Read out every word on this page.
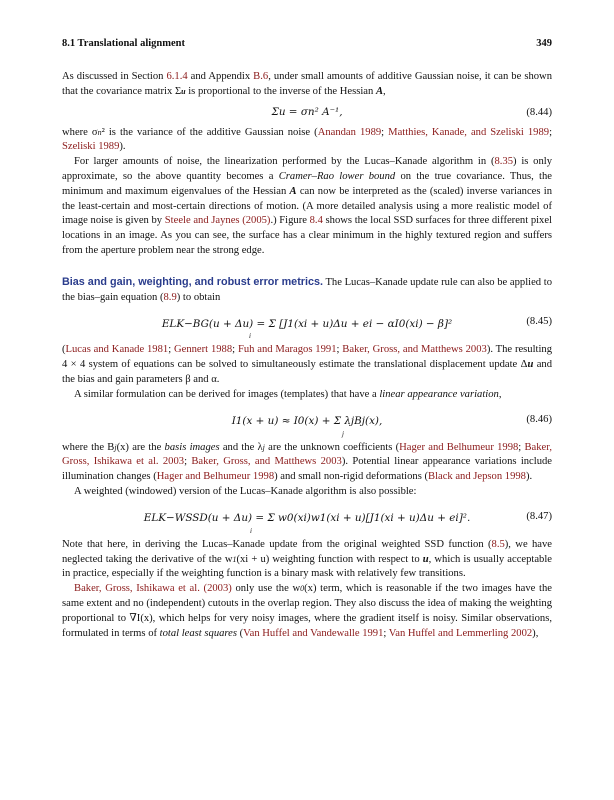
8.1 Translational alignment	349

As discussed in Section 6.1.4 and Appendix B.6, under small amounts of additive Gaussian noise, it can be shown that the covariance matrix Σu is proportional to the inverse of the Hessian A,

Σu = σn² A⁻¹,	(8.44)

where σn² is the variance of the additive Gaussian noise (Anandan 1989; Matthies, Kanade, and Szeliski 1989; Szeliski 1989).

For larger amounts of noise, the linearization performed by the Lucas–Kanade algorithm in (8.35) is only approximate, so the above quantity becomes a Cramer–Rao lower bound on the true covariance. Thus, the minimum and maximum eigenvalues of the Hessian A can now be interpreted as the (scaled) inverse variances in the least-certain and most-certain directions of motion. (A more detailed analysis using a more realistic model of image noise is given by Steele and Jaynes (2005).) Figure 8.4 shows the local SSD surfaces for three different pixel locations in an image. As you can see, the surface has a clear minimum in the highly textured region and suffers from the aperture problem near the strong edge.

Bias and gain, weighting, and robust error metrics. The Lucas–Kanade update rule can also be applied to the bias–gain equation (8.9) to obtain

ELK−BG(u + Δu) = Σ [J1(xi + u)Δu + ei − αI0(xi) − β]²	(8.45)
i

(Lucas and Kanade 1981; Gennert 1988; Fuh and Maragos 1991; Baker, Gross, and Matthews 2003). The resulting 4 × 4 system of equations can be solved to simultaneously estimate the translational displacement update Δu and the bias and gain parameters β and α.

A similar formulation can be derived for images (templates) that have a linear appearance variation,

I1(x + u) ≈ I0(x) + Σ λjBj(x),	(8.46)
j

where the Bj(x) are the basis images and the λj are the unknown coefficients (Hager and Belhumeur 1998; Baker, Gross, Ishikawa et al. 2003; Baker, Gross, and Matthews 2003). Potential linear appearance variations include illumination changes (Hager and Belhumeur 1998) and small non-rigid deformations (Black and Jepson 1998).

A weighted (windowed) version of the Lucas–Kanade algorithm is also possible:

ELK−WSSD(u + Δu) = Σ w0(xi)w1(xi + u)[J1(xi + u)Δu + ei]².	(8.47)
i

Note that here, in deriving the Lucas–Kanade update from the original weighted SSD function (8.5), we have neglected taking the derivative of the w1(xi + u) weighting function with respect to u, which is usually acceptable in practice, especially if the weighting function is a binary mask with relatively few transitions.

Baker, Gross, Ishikawa et al. (2003) only use the w0(x) term, which is reasonable if the two images have the same extent and no (independent) cutouts in the overlap region. They also discuss the idea of making the weighting proportional to ∇I(x), which helps for very noisy images, where the gradient itself is noisy. Similar observations, formulated in terms of total least squares (Van Huffel and Vandewalle 1991; Van Huffel and Lemmerling 2002),
